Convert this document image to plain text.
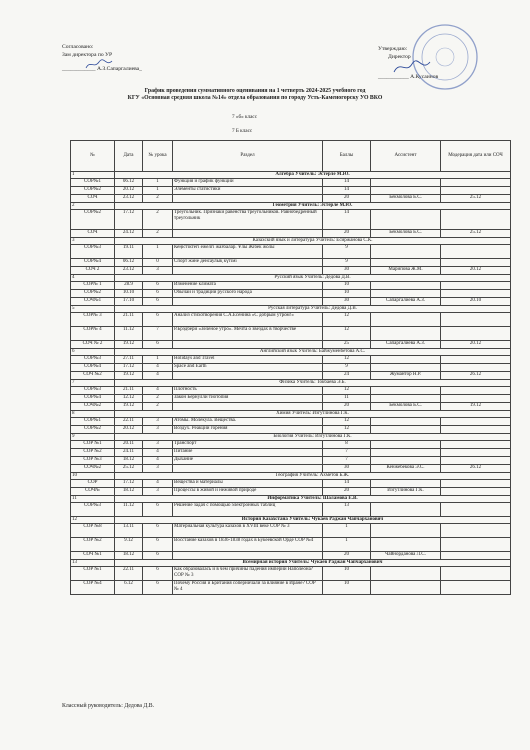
Согласовано:
Зам директора по УР
____________ А.З.Сапаргалиева_
Утверждаю:
Директор
___________ А.Кусаинов
График проведения суммативного оценивания на 1 четверть 2024-2025 учебного год
КГУ «Основная средняя школа №14» отдела образования по городу Усть-Каменогорску УО ВКО
7 «б» класс
7 Б класс
№	Дата	№ урока	Раздел	Баллы	Ассистент	Модерация дата или СОЧ
1	Алгебра Учитель: Эстерле М.Ю.					
СОР№1	06.12	1	Функция и график функции	14		
СОР№2	20.12	1	Элементы статистики	14		
СОЧ	23.12	2		20	Бекмолова Б.С.	25.12
2	Геометрия Учитель: Эстерле М.Ю.					
СОР№2	17.12	2	Треугольник. Признаки равенства треугольников. Равнобедренный треугольник	14		
СОЧ	24.12	2		20	Бекмолова Б.С.	25.12
3	Казахский язык и литература Учитель: Есиржанова С.К.					
СОР№3	19.11	1	Кеңістіктегі ежелгі жазбалар. Ұлы Жібек жолы	9		
СОР№4	06.12	0	Спорт және денсаулық күтімі	9		
СОЧ 2	23.12	3		30	Марипова Ж.М.	20.12
4	Русский язык Учитель: Дедова Д.В.					
СОР№ 1	28.9	6	Изменение климата	10		
СОР№2	10.10	6	Обычаи и традиции русского народа	10		
СОЧ№1	17.10	6		30	Сапаргалиева А.З.	20.10
5	Русская литература Учитель: Дедова Д.В.					
СОР№ 3	21.11	6	Анализ стихотворения С.А.Есенина «С добрым утром!»	12		
СОР№ 4	11.12	7	Р.Брэдбери «Зеленое утро». Мечта о звездах в творчестве	12		
СОЧ № 2	19.12	6		25	Сапаргалиева А.З.	20.12
6	Английский язык Учитель: Байжуменбетова А.С.					
СОР№3	27.11	1	Holidays and Travel	12		
СОР№4	17.12	4	Space and Earth	9		
СОЧ №2	19.12	4		24	Жумантор Н.Р.	26.12
7	Физика Учитель: Токбаева Э.Б.					
СОР№3	21.11	4	Плотность	12		
СОР№4	12.12	2	Закон Бернулли тиотопия	11		
СОЧ№2	19.12	2		20	Бекмолова Б.С.	19.12
8	Химия Учитель: Изгутлинова Г.К.					
СОР№1	22.11	3	Атомы. Молекула. Вещества.	12		
СОР№2	20.12	3	Воздух. Реакции горения	12		
9	Биология Учитель: Изгутлинова Г.К.					
СОР №1	20.11	3	Транспорт	8		
СОР №2	24.11	4	Питание	7		
СОР №3	18.12	4	Дыхание	7		
СОЧ№2	25.12	3		30	Кенжебекова Э.С.	26.12
10	География Учитель: Ахметов Б.Ж.					
СОР	17.12	4	Вещества и материалы	14		
СОЧ№	18.12	3	Процессы в живой и неживой природе	20	Изгутлинова Г.К.	
11	Информатика Учитель: Шаламова Е.В.					
СОР№3	11.12	6	Решение задач с помощью электронных таблиц	13		
12	История Казахстана Учитель: Чукаев Раджан Чапчарханович					
СОР №8	13.11	6	Материальная культура казахов в XVIII веке СОР № 3	1		
СОР №2	9.12	6	Восстание казахов в 1836-1838 годах в Букеевской Орде СОР №4	1		
СОЧ №1	18.12	6		20	Чайнорданова Л.С.	
13	Всемирная история Учитель: Чукаев Раджан Чапчарханович					
СОР №1	22.11	6	Как образовалась и в чем причины падения империи Наполеона? СОР № 3	10		
СОР №4	6.12	6	Почему Россия и Британия соперничали за влияние в Иране? СОР № 4	10		
Классный руководитель: Дедова Д.В.
